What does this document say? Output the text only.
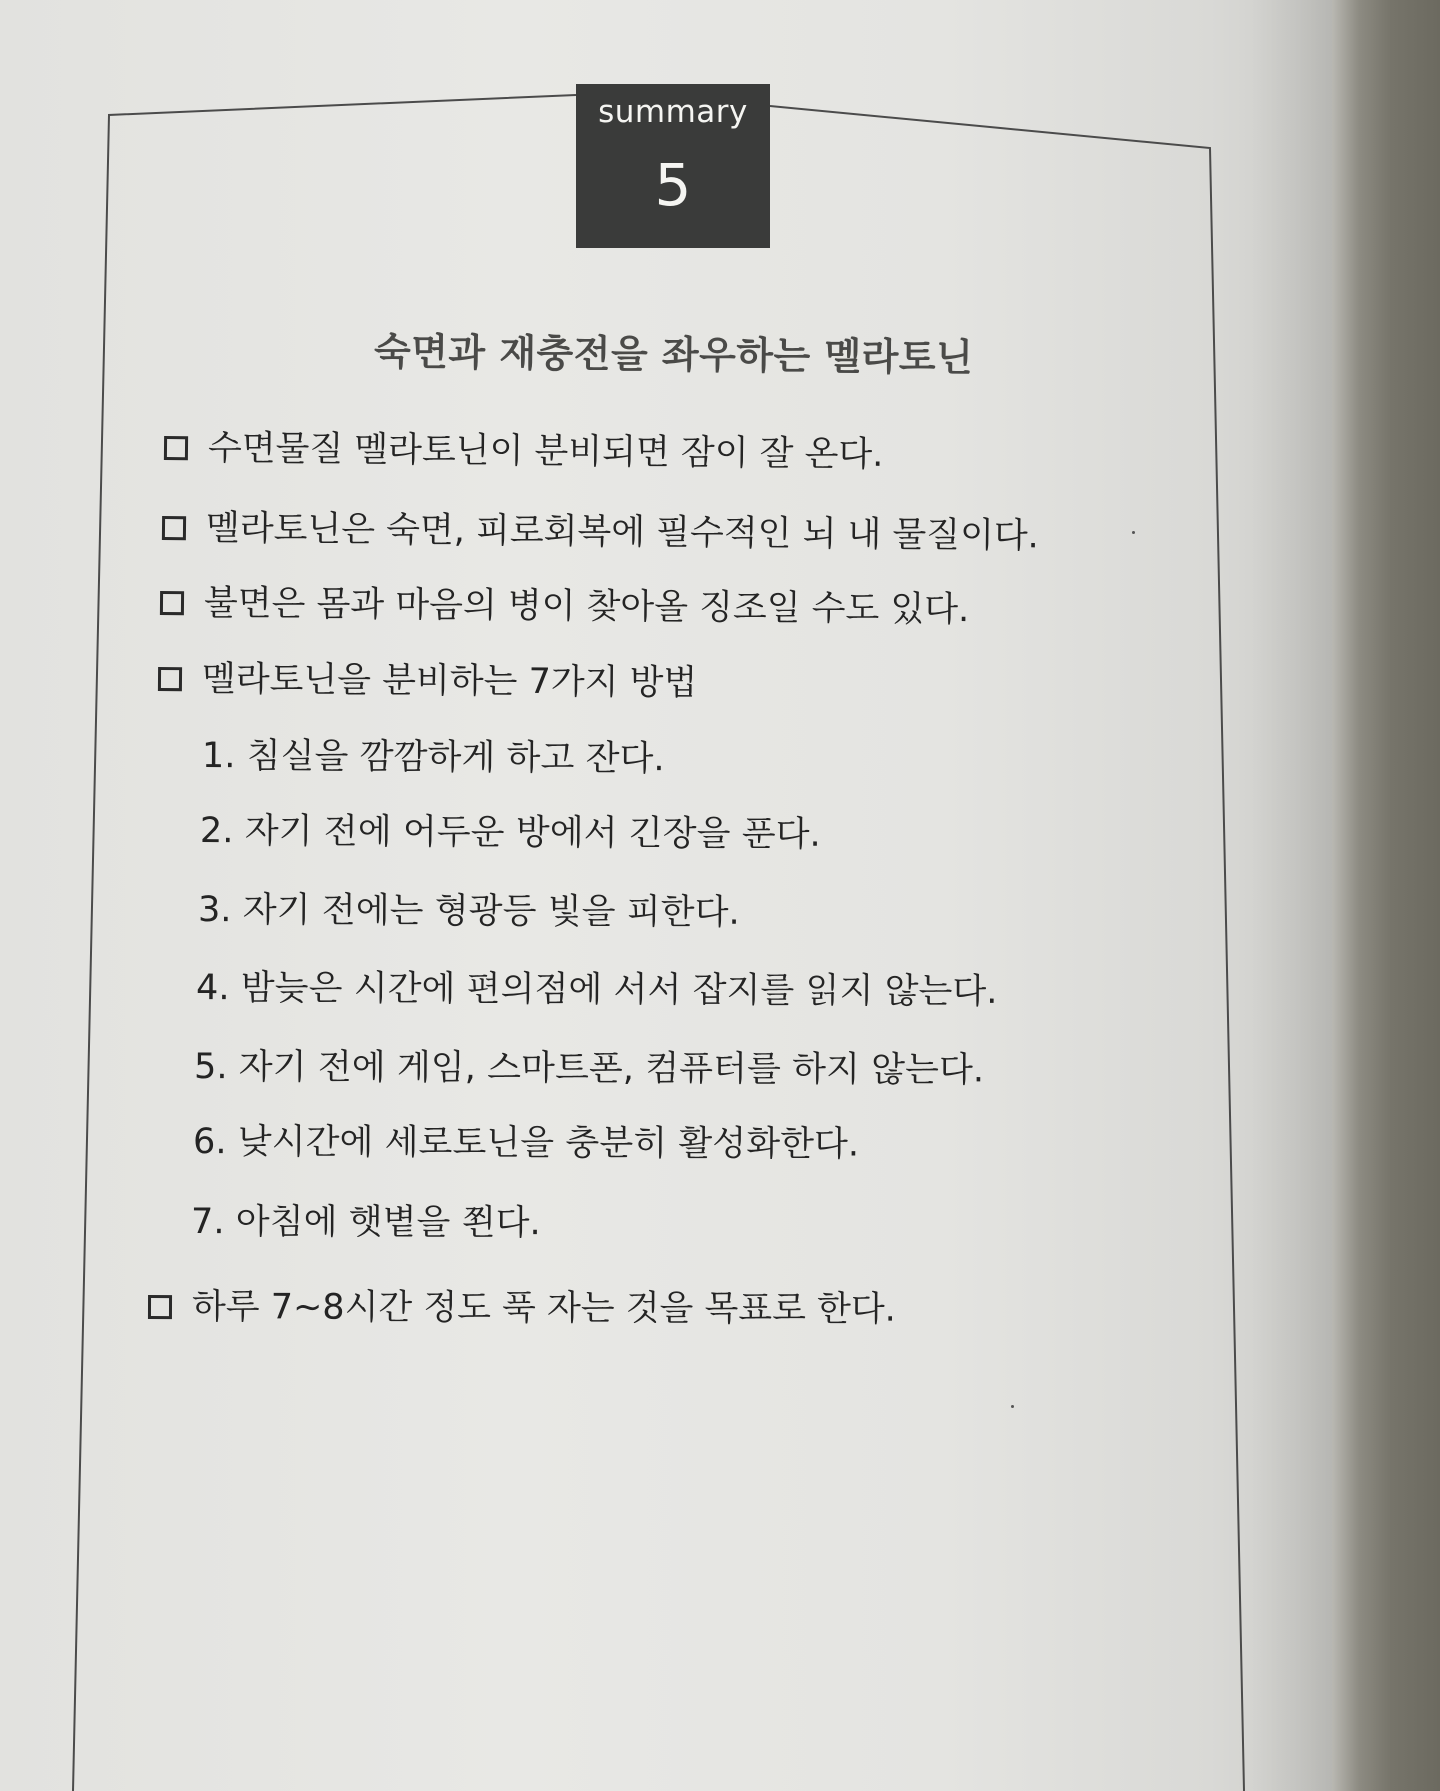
summary
5
숙면과 재충전을 좌우하는 멜라토닌
수면물질 멜라토닌이 분비되면 잠이 잘 온다.
멜라토닌은 숙면, 피로회복에 필수적인 뇌 내 물질이다.
불면은 몸과 마음의 병이 찾아올 징조일 수도 있다.
멜라토닌을 분비하는 7가지 방법
1. 침실을 깜깜하게 하고 잔다.
2. 자기 전에 어두운 방에서 긴장을 푼다.
3. 자기 전에는 형광등 빛을 피한다.
4. 밤늦은 시간에 편의점에 서서 잡지를 읽지 않는다.
5. 자기 전에 게임, 스마트폰, 컴퓨터를 하지 않는다.
6. 낮시간에 세로토닌을 충분히 활성화한다.
7. 아침에 햇볕을 쬔다.
하루 7~8시간 정도 푹 자는 것을 목표로 한다.
